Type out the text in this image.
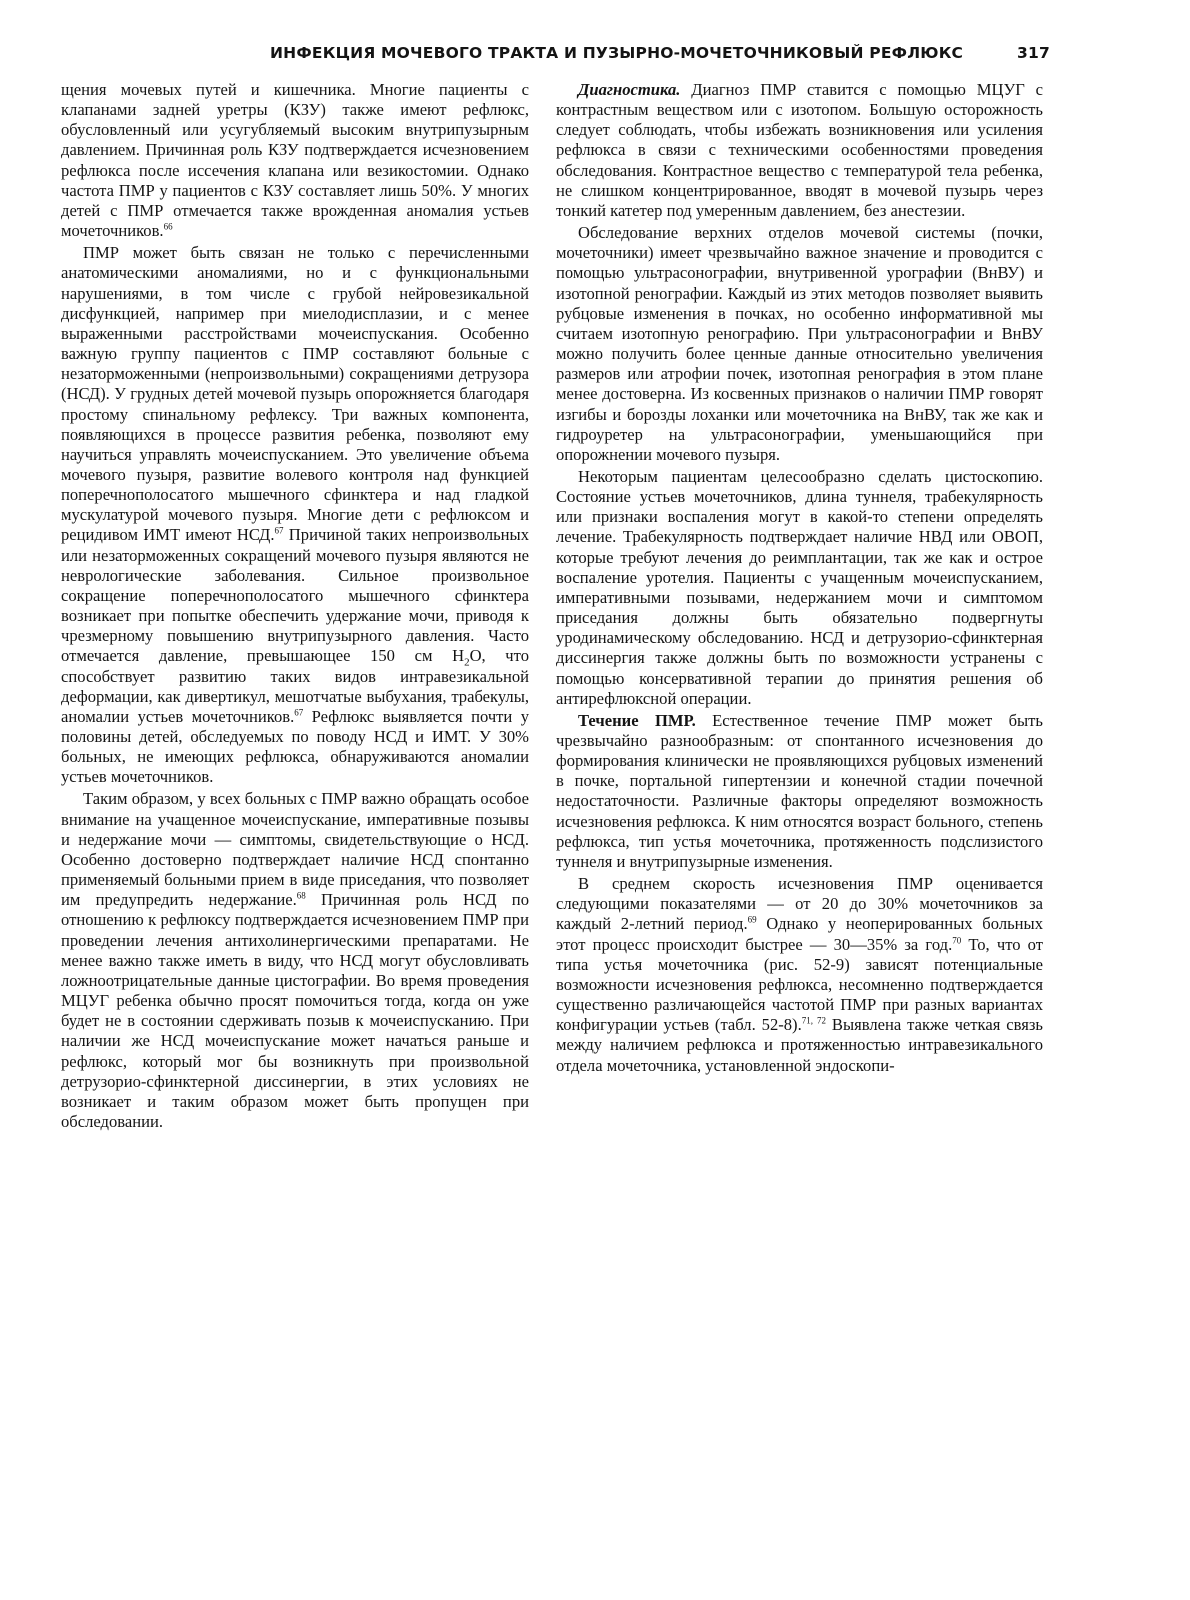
ИНФЕКЦИЯ МОЧЕВОГО ТРАКТА И ПУЗЫРНО-МОЧЕТОЧНИКОВЫЙ РЕФЛЮКС	317

щения мочевых путей и кишечника. Многие пациенты с клапанами задней уретры (КЗУ) также имеют рефлюкс, обусловленный или усугубляемый высоким внутрипузырным давлением. Причинная роль КЗУ подтверждается исчезновением рефлюкса после иссечения клапана или везикостомии. Однако частота ПМР у пациентов с КЗУ составляет лишь 50%. У многих детей с ПМР отмечается также врожденная аномалия устьев мочеточников.$^{66}$

ПМР может быть связан не только с перечисленными анатомическими аномалиями, но и с функциональными нарушениями, в том числе с грубой нейровезикальной дисфункцией, например при миелодисплазии, и с менее выраженными расстройствами мочеиспускания. Особенно важную группу пациентов с ПМР составляют больные с незаторможенными (непроизвольными) сокращениями детрузора (НСД). У грудных детей мочевой пузырь опорожняется благодаря простому спинальному рефлексу. Три важных компонента, появляющихся в процессе развития ребенка, позволяют ему научиться управлять мочеиспусканием. Это увеличение объема мочевого пузыря, развитие волевого контроля над функцией поперечнополосатого мышечного сфинктера и над гладкой мускулатурой мочевого пузыря. Многие дети с рефлюксом и рецидивом ИМТ имеют НСД.$^{67}$ Причиной таких непроизвольных или незаторможенных сокращений мочевого пузыря являются не неврологические заболевания. Сильное произвольное сокращение поперечнополосатого мышечного сфинктера возникает при попытке обеспечить удержание мочи, приводя к чрезмерному повышению внутрипузырного давления. Часто отмечается давление, превышающее 150 см $H_2O$, что способствует развитию таких видов интравезикальной деформации, как дивертикул, мешотчатые выбухания, трабекулы, аномалии устьев мочеточников.$^{67}$ Рефлюкс выявляется почти у половины детей, обследуемых по поводу НСД и ИМТ. У 30% больных, не имеющих рефлюкса, обнаруживаются аномалии устьев мочеточников.

Таким образом, у всех больных с ПМР важно обращать особое внимание на учащенное мочеиспускание, императивные позывы и недержание мочи — симптомы, свидетельствующие о НСД. Особенно достоверно подтверждает наличие НСД спонтанно применяемый больными прием в виде приседания, что позволяет им предупредить недержание.$^{68}$ Причинная роль НСД по отношению к рефлюксу подтверждается исчезновением ПМР при проведении лечения антихолинергическими препаратами. Не менее важно также иметь в виду, что НСД могут обусловливать ложноотрицательные данные цистографии. Во время проведения МЦУГ ребенка обычно просят помочиться тогда, когда он уже будет не в состоянии сдерживать позыв к мочеиспусканию. При наличии же НСД мочеиспускание может начаться раньше и рефлюкс, который мог бы возникнуть при произвольной детрузорио-сфинктерной диссинергии, в этих условиях не возникает и таким образом может быть пропущен при обследовании.

Диагностика. Диагноз ПМР ставится с помощью МЦУГ с контрастным веществом или с изотопом. Большую осторожность следует соблюдать, чтобы избежать возникновения или усиления рефлюкса в связи с техническими особенностями проведения обследования. Контрастное вещество с температурой тела ребенка, не слишком концентрированное, вводят в мочевой пузырь через тонкий катетер под умеренным давлением, без анестезии.

Обследование верхних отделов мочевой системы (почки, мочеточники) имеет чрезвычайно важное значение и проводится с помощью ультрасонографии, внутривенной урографии (ВнВУ) и изотопной ренографии. Каждый из этих методов позволяет выявить рубцовые изменения в почках, но особенно информативной мы считаем изотопную ренографию. При ультрасонографии и ВнВУ можно получить более ценные данные относительно увеличения размеров или атрофии почек, изотопная ренография в этом плане менее достоверна. Из косвенных признаков о наличии ПМР говорят изгибы и борозды лоханки или мочеточника на ВнВУ, так же как и гидроуретер на ультрасонографии, уменьшающийся при опорожнении мочевого пузыря.

Некоторым пациентам целесообразно сделать цистоскопию. Состояние устьев мочеточников, длина туннеля, трабекулярность или признаки воспаления могут в какой-то степени определять лечение. Трабекулярность подтверждает наличие НВД или ОВОП, которые требуют лечения до реимплантации, так же как и острое воспаление уротелия. Пациенты с учащенным мочеиспусканием, императивными позывами, недержанием мочи и симптомом приседания должны быть обязательно подвергнуты уродинамическому обследованию. НСД и детрузорио-сфинктерная диссинергия также должны быть по возможности устранены с помощью консервативной терапии до принятия решения об антирефлюксной операции.

Течение ПМР. Естественное течение ПМР может быть чрезвычайно разнообразным: от спонтанного исчезновения до формирования клинически не проявляющихся рубцовых изменений в почке, портальной гипертензии и конечной стадии почечной недостаточности. Различные факторы определяют возможность исчезновения рефлюкса. К ним относятся возраст больного, степень рефлюкса, тип устья мочеточника, протяженность подслизистого туннеля и внутрипузырные изменения.

В среднем скорость исчезновения ПМР оценивается следующими показателями — от 20 до 30% мочеточников за каждый 2-летний период.$^{69}$ Однако у неоперированных больных этот процесс происходит быстрее — 30—35% за год.$^{70}$ То, что от типа устья мочеточника (рис. 52-9) зависят потенциальные возможности исчезновения рефлюкса, несомненно подтверждается существенно различающейся частотой ПМР при разных вариантах конфигурации устьев (табл. 52-8).$^{71, 72}$ Выявлена также четкая связь между наличием рефлюкса и протяженностью интравезикального отдела мочеточника, установленной эндоскопи-
